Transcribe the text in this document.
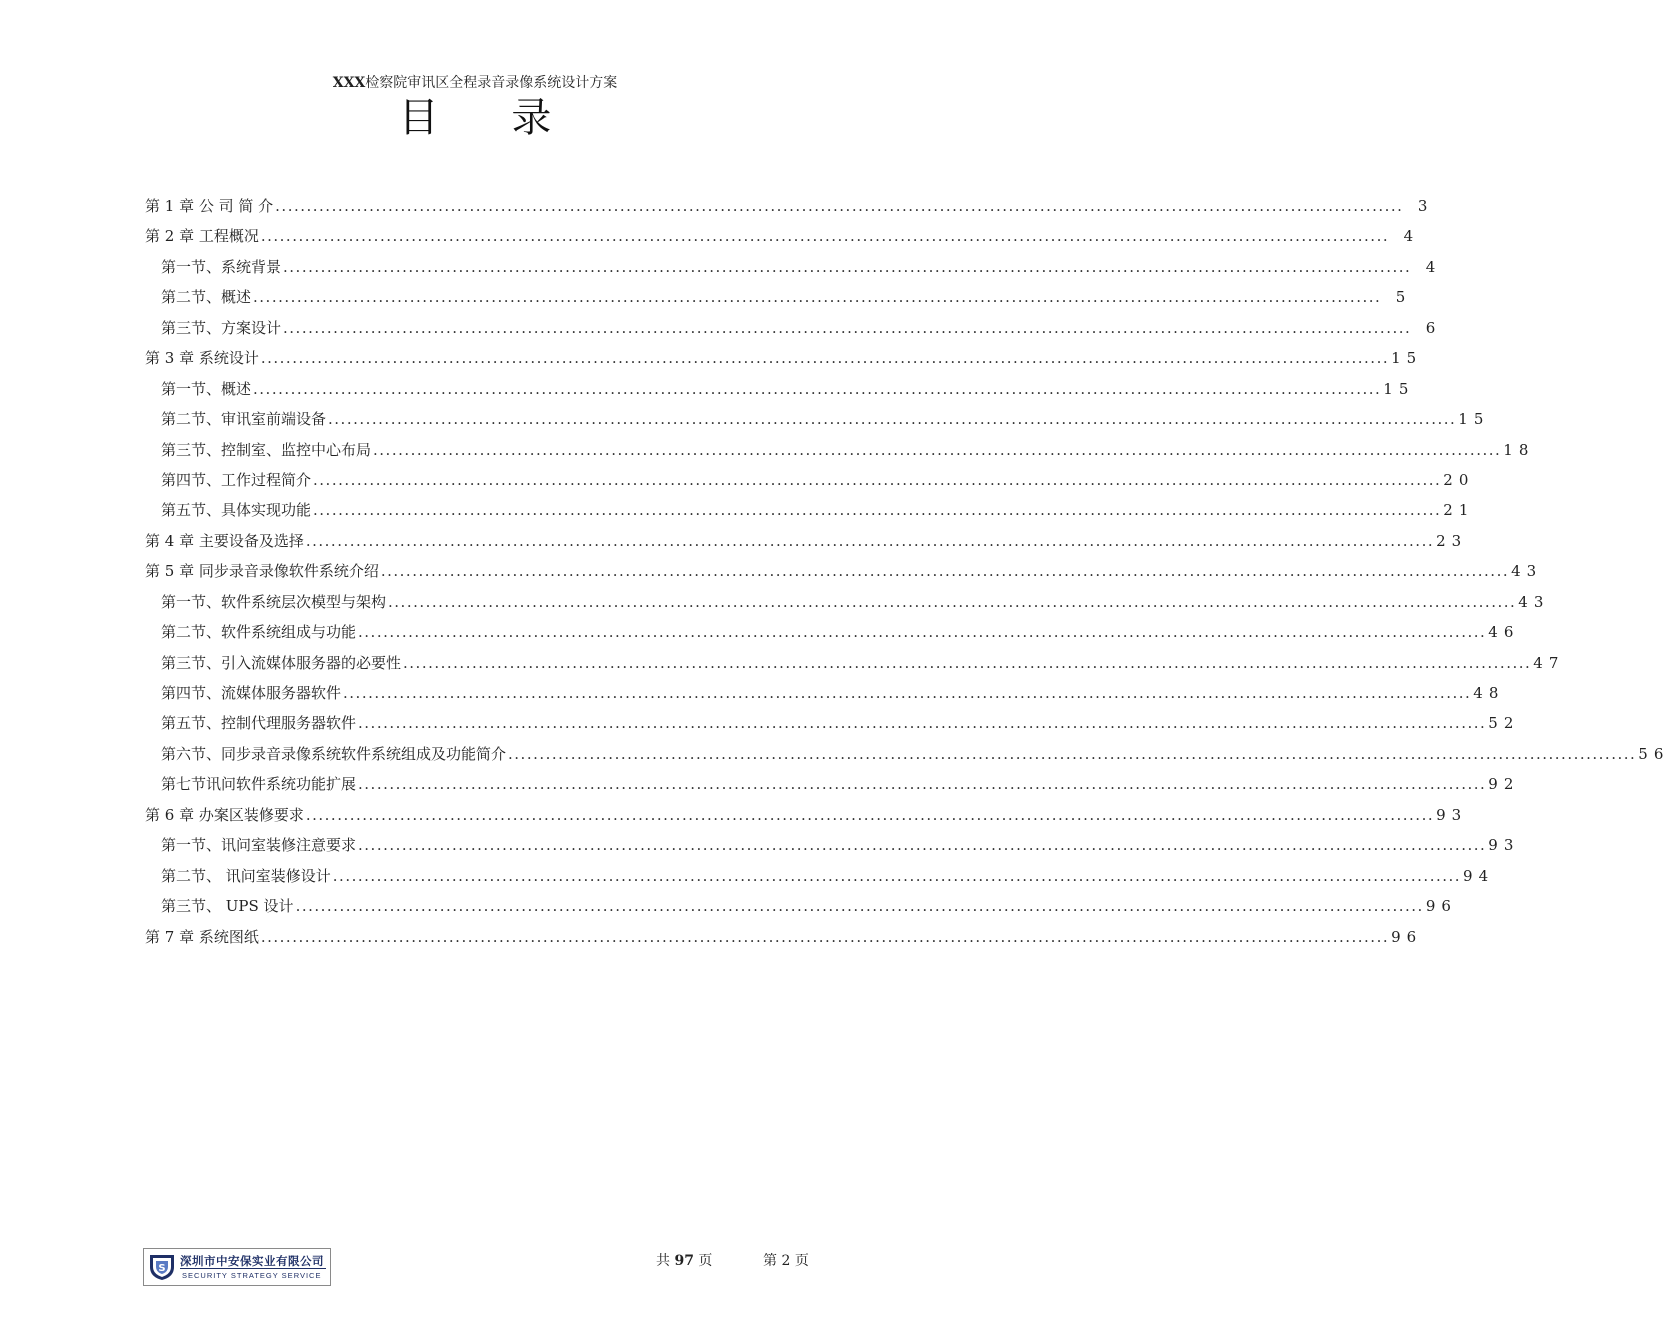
XXX检察院审讯区全程录音录像系统设计方案
目 录
第 1 章 公 司 简 介 .....	3
第 2 章 工程概况 .....	4
第一节、系统背景 .....	4
第二节、概述 .....	5
第三节、方案设计 .....	6
第 3 章 系统设计 .....	15
第一节、概述 .....	15
第二节、审讯室前端设备 .....	15
第三节、控制室、监控中心布局 .....	18
第四节、工作过程简介 .....	20
第五节、具体实现功能 .....	21
第 4 章 主要设备及选择 .....	23
第 5 章 同步录音录像软件系统介绍 .....	43
第一节、软件系统层次模型与架构 .....	43
第二节、软件系统组成与功能 .....	46
第三节、引入流媒体服务器的必要性 .....	47
第四节、流媒体服务器软件 .....	48
第五节、控制代理服务器软件 .....	52
第六节、同步录音录像系统软件系统组成及功能简介 .....	56
第七节讯问软件系统功能扩展 .....	92
第 6 章 办案区装修要求 .....	93
第一节、讯问室装修注意要求 .....	93
第二节、 讯问室装修设计 .....	94
第三节、 UPS 设计 .....	96
第 7 章 系统图纸 .....	96
S
深圳市中安保实业有限公司
SECURITY STRATEGY SERVICE
共 97 页	第 2 页
